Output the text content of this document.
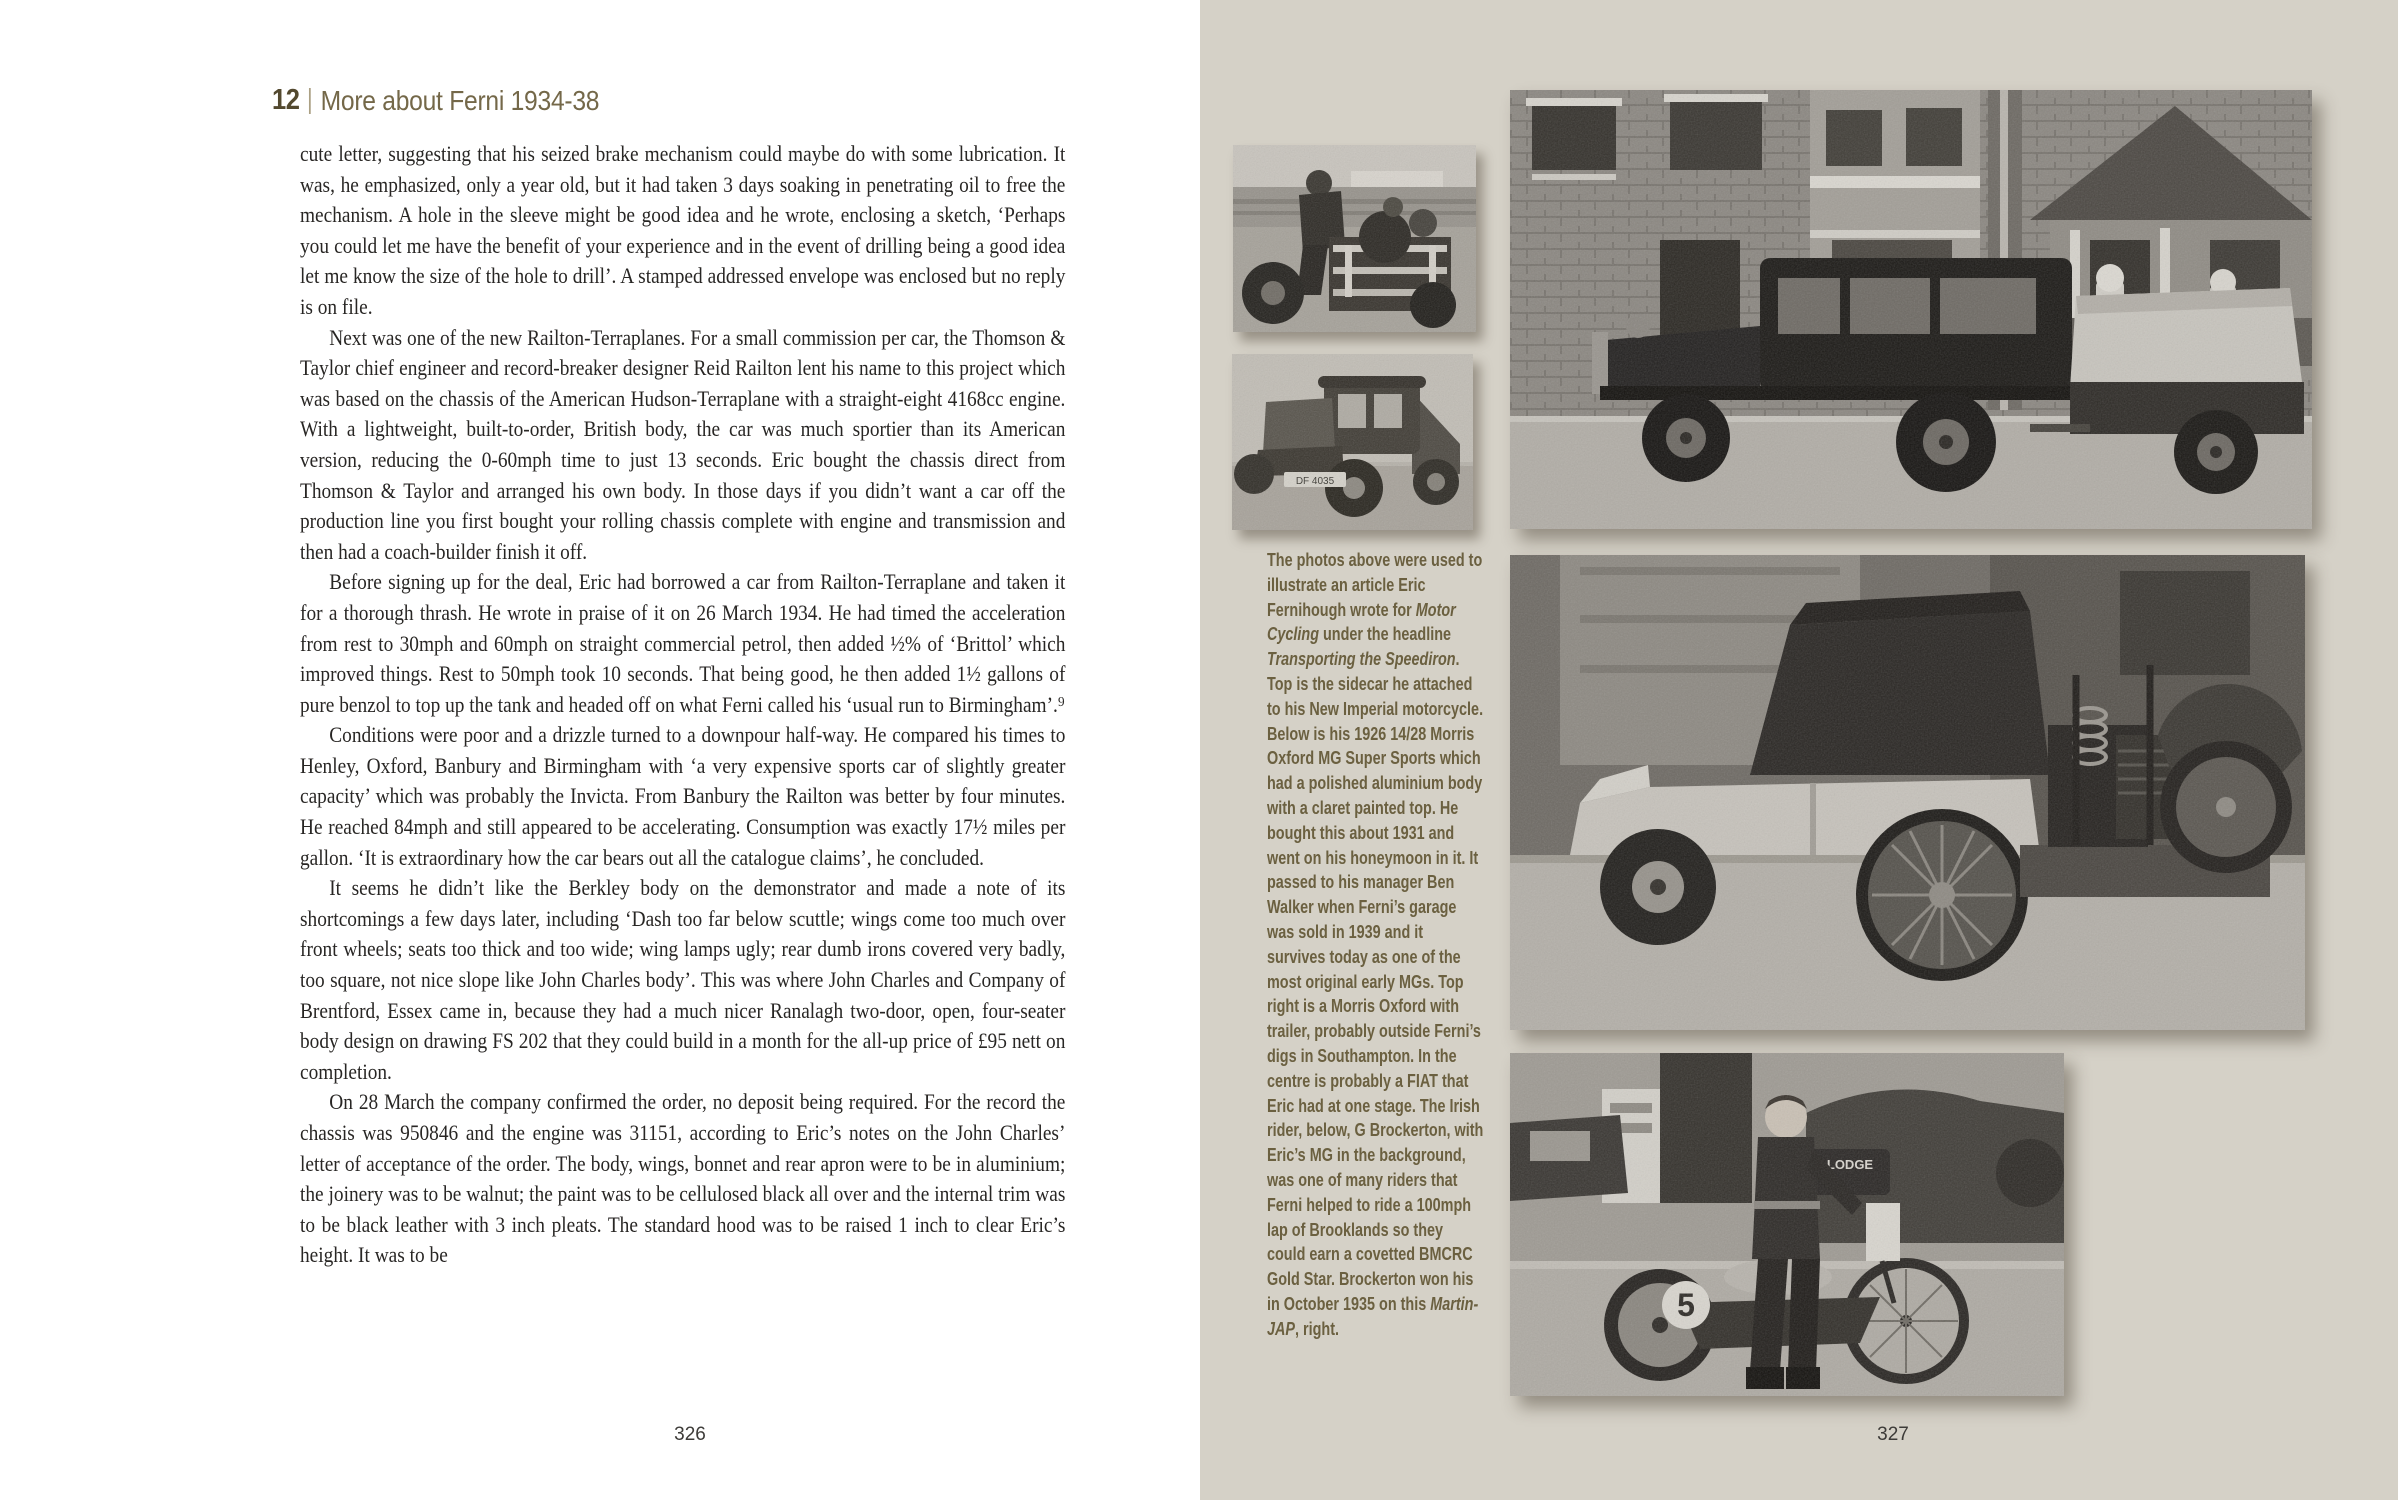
12 More about Ferni 1934-38

cute letter, suggesting that his seized brake mechanism could maybe do with some lubrication. It was, he emphasized, only a year old, but it had taken 3 days soaking in penetrating oil to free the mechanism. A hole in the sleeve might be good idea and he wrote, enclosing a sketch, ‘Perhaps you could let me have the benefit of your experience and in the event of drilling being a good idea let me know the size of the hole to drill’. A stamped addressed envelope was enclosed but no reply is on file.

Next was one of the new Railton-Terraplanes. For a small commission per car, the Thomson & Taylor chief engineer and record-breaker designer Reid Railton lent his name to this project which was based on the chassis of the American Hudson-Terraplane with a straight-eight 4168cc engine. With a lightweight, built-to-order, British body, the car was much sportier than its American version, reducing the 0-60mph time to just 13 seconds. Eric bought the chassis direct from Thomson & Taylor and arranged his own body. In those days if you didn’t want a car off the production line you first bought your rolling chassis complete with engine and transmission and then had a coach-builder finish it off.

Before signing up for the deal, Eric had borrowed a car from Railton-Terraplane and taken it for a thorough thrash. He wrote in praise of it on 26 March 1934. He had timed the acceleration from rest to 30mph and 60mph on straight commercial petrol, then added ½% of ‘Brittol’ which improved things. Rest to 50mph took 10 seconds. That being good, he then added 1½ gallons of pure benzol to top up the tank and headed off on what Ferni called his ‘usual run to Birmingham’.⁹

Conditions were poor and a drizzle turned to a downpour half-way. He compared his times to Henley, Oxford, Banbury and Birmingham with ‘a very expensive sports car of slightly greater capacity’ which was probably the Invicta. From Banbury the Railton was better by four minutes. He reached 84mph and still appeared to be accelerating. Consumption was exactly 17½ miles per gallon. ‘It is extraordinary how the car bears out all the catalogue claims’, he concluded.

It seems he didn’t like the Berkley body on the demonstrator and made a note of its shortcomings a few days later, including ‘Dash too far below scuttle; wings come too much over front wheels; seats too thick and too wide; wing lamps ugly; rear dumb irons covered very badly, too square, not nice slope like John Charles body’. This was where John Charles and Company of Brentford, Essex came in, because they had a much nicer Ranalagh two-door, open, four-seater body design on drawing FS 202 that they could build in a month for the all-up price of £95 nett on completion.

On 28 March the company confirmed the order, no deposit being required. For the record the chassis was 950846 and the engine was 31151, according to Eric’s notes on the John Charles’ letter of acceptance of the order. The body, wings, bonnet and rear apron were to be in aluminium; the joinery was to be walnut; the paint was to be cellulosed black all over and the internal trim was to be black leather with 3 inch pleats. The standard hood was to be raised 1 inch to clear Eric’s height. It was to be

326
DF 4035
LODGE
5
The photos above were used to illustrate an article Eric Fernihough wrote for Motor Cycling under the headline Transporting the Speediron. Top is the sidecar he attached to his New Imperial motorcycle. Below is his 1926 14/28 Morris Oxford MG Super Sports which had a polished aluminium body with a claret painted top. He bought this about 1931 and went on his honeymoon in it. It passed to his manager Ben Walker when Ferni’s garage was sold in 1939 and it survives today as one of the most original early MGs. Top right is a Morris Oxford with trailer, probably outside Ferni’s digs in Southampton. In the centre is probably a FIAT that Eric had at one stage. The Irish rider, below, G Brockerton, with Eric’s MG in the background, was one of many riders that Ferni helped to ride a 100mph lap of Brooklands so they could earn a covetted BMCRC Gold Star. Brockerton won his in October 1935 on this Martin-JAP, right.
327
